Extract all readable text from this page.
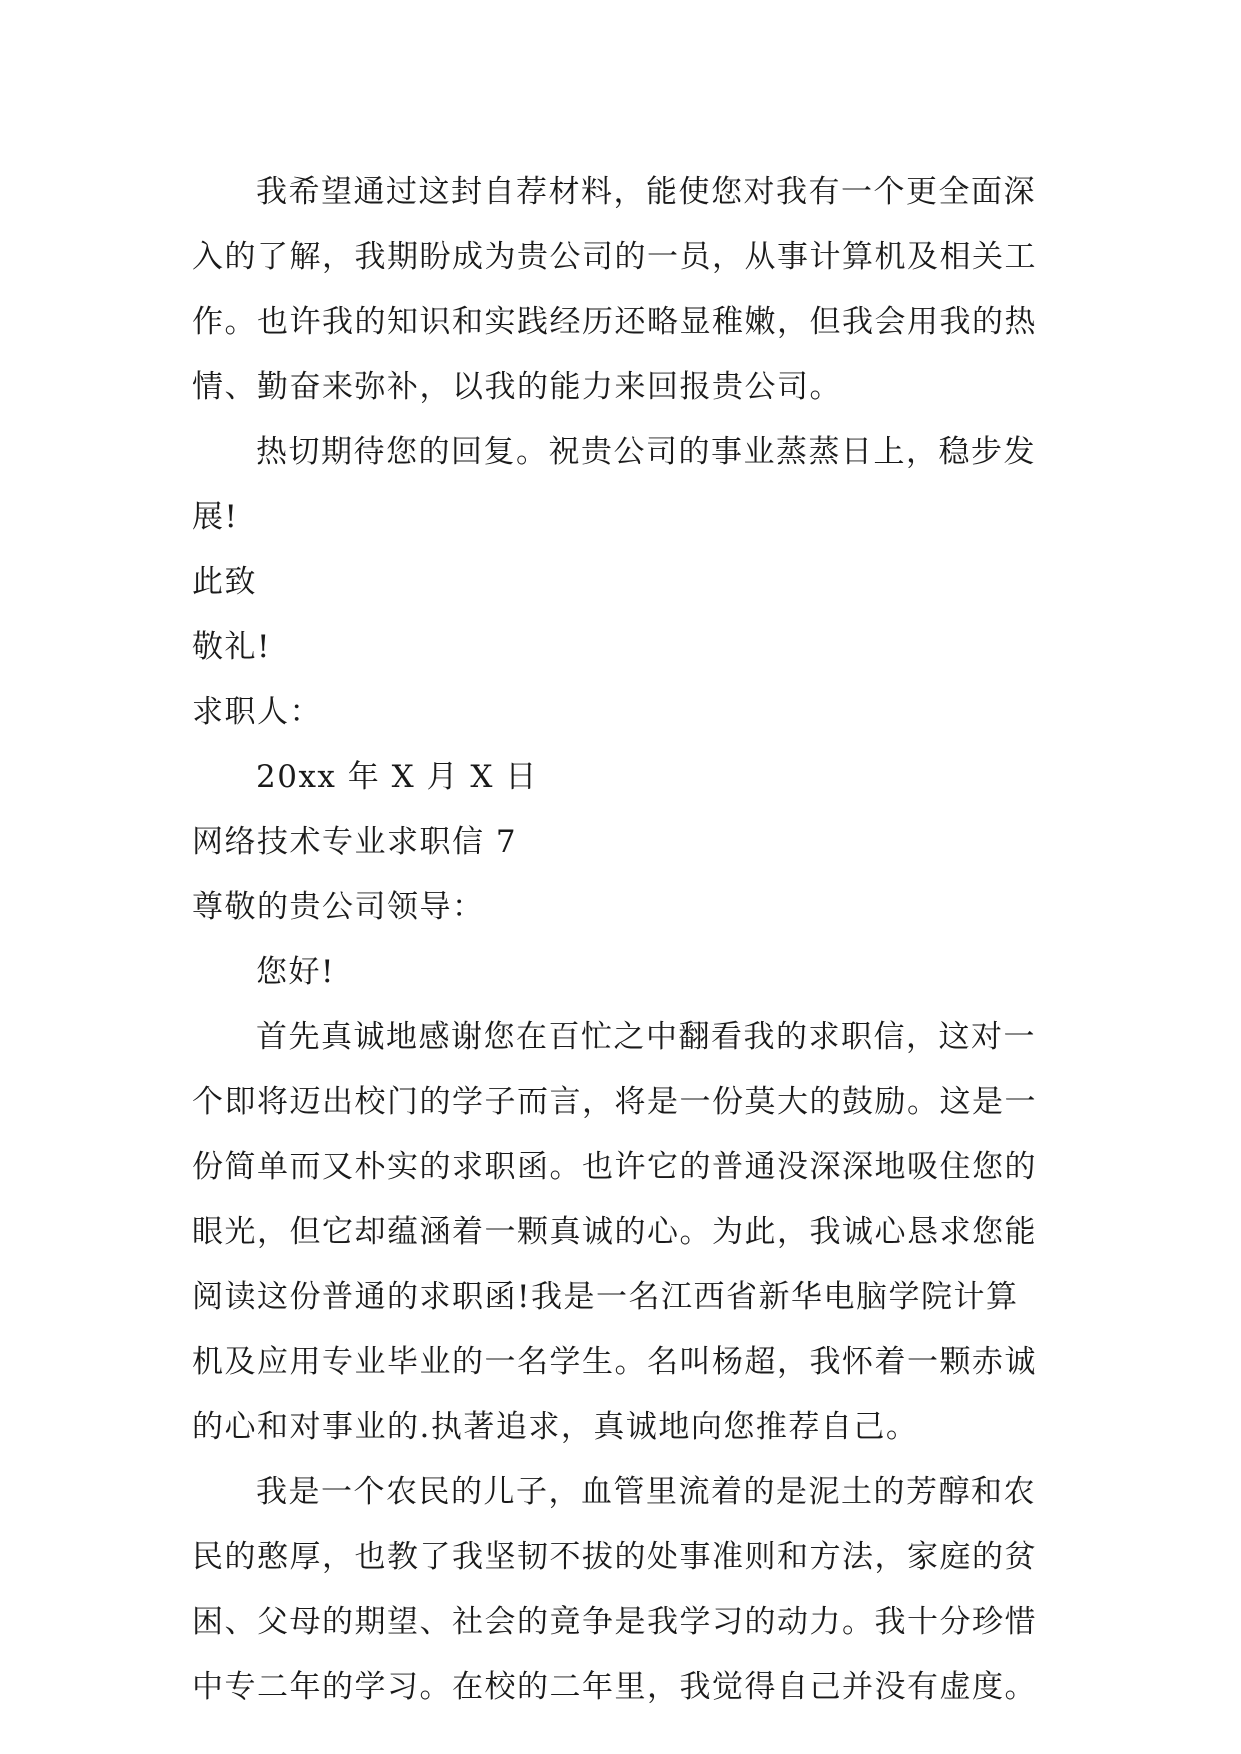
我希望通过这封自荐材料，能使您对我有一个更全面深
入的了解，我期盼成为贵公司的一员，从事计算机及相关工
作。也许我的知识和实践经历还略显稚嫩，但我会用我的热
情、勤奋来弥补，以我的能力来回报贵公司。
热切期待您的回复。祝贵公司的事业蒸蒸日上，稳步发
展!
此致
敬礼!
求职人：
20xx 年 X 月 X 日
网络技术专业求职信 7
尊敬的贵公司领导：
您好!
首先真诚地感谢您在百忙之中翻看我的求职信，这对一
个即将迈出校门的学子而言，将是一份莫大的鼓励。这是一
份简单而又朴实的求职函。也许它的普通没深深地吸住您的
眼光，但它却蕴涵着一颗真诚的心。为此，我诚心恳求您能
阅读这份普通的求职函!我是一名江西省新华电脑学院计算
机及应用专业毕业的一名学生。名叫杨超，我怀着一颗赤诚
的心和对事业的.执著追求，真诚地向您推荐自己。
我是一个农民的儿子，血管里流着的是泥土的芳醇和农
民的憨厚，也教了我坚韧不拔的处事准则和方法，家庭的贫
困、父母的期望、社会的竟争是我学习的动力。我十分珍惜
中专二年的学习。在校的二年里，我觉得自己并没有虚度。
